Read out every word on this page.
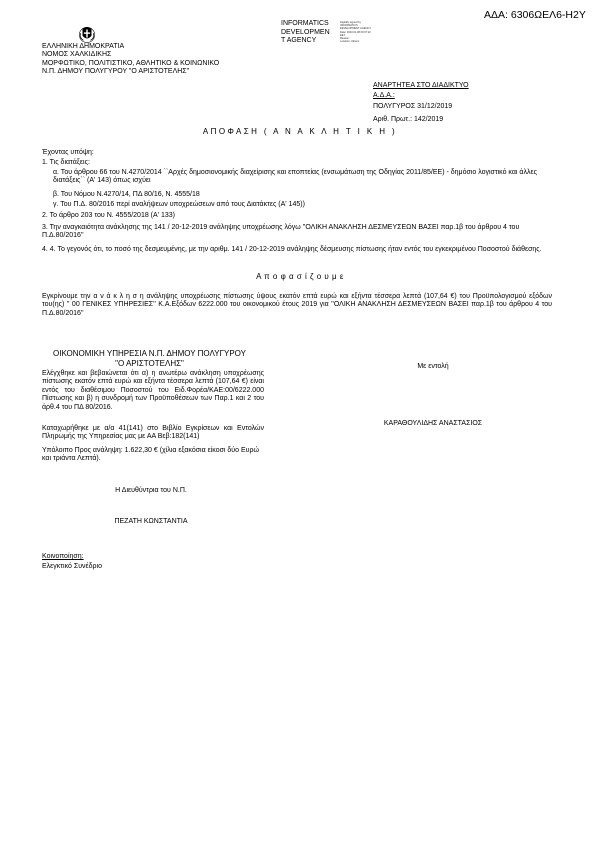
ΑΔΑ: 6306ΩΕΛ6-Η2Υ
INFORMATICS
DEVELOPMEN
T AGENCY
Digitally signed by
INFORMATICS
DEVELOPMENT AGENCY
Date: 2020.01.08 09:37:22
EET
Reason:
Location: Athens
ΕΛΛΗΝΙΚΗ ΔΗΜΟΚΡΑΤΙΑ
ΝΟΜΟΣ ΧΑΛΚΙΔΙΚΗΣ
ΜΟΡΦΩΤΙΚΟ, ΠΟΛΙΤΙΣΤΙΚΟ, ΑΘΛΗΤΙΚΟ & ΚΟΙΝΩΝΙΚΟ
Ν.Π. ΔΗΜΟΥ ΠΟΛΥΓΥΡΟΥ "Ο ΑΡΙΣΤΟΤΕΛΗΣ"
ΑΝΑΡΤΗΤΕΑ ΣΤΟ ΔΙΑΔΙΚΤΥΟ
Α.Δ.Α.:
ΠΟΛΥΓΥΡΟΣ 31/12/2019
Αριθ. Πρωτ.: 142/2019
ΑΠΟΦΑΣΗ ( Α Ν Α Κ Λ Η Τ Ι Κ Η )
Έχοντας υπόψη:
1. Τις διατάξεις:
α. Του άρθρου 66 του Ν.4270/2014 ``Αρχές δημοσιονομικής διαχείρισης και εποπτείας (ενσωμάτωση της Οδηγίας 2011/85/ΕΕ) - δημόσιο λογιστικό και άλλες διατάξεις`` (Α' 143) όπως ισχύει
β. Του Νόμου Ν.4270/14, ΠΔ 80/16, Ν. 4555/18
γ. Του Π.Δ. 80/2016 περί αναλήψεων υποχρεώσεων από τους Διατάκτες (Α' 145))
2. Το άρθρο 203 του Ν. 4555/2018 (Α' 133)
3. Την αναγκαιότητα ανάκλησης της 141 / 20-12-2019 ανάληψης υποχρέωσης λόγω ''ΟΛΙΚΗ ΑΝΑΚΛΗΣΗ ΔΕΣΜΕΥΣΕΩΝ ΒΑΣΕΙ παρ.1β του άρθρου 4 του Π.Δ.80/2016''
4. 4. Το γεγονός ότι, το ποσό της δεσμευμένης, με την αριθμ. 141 / 20-12-2019 ανάληψης δέσμευσης πίστωσης ήταν εντός του εγκεκριμένου Ποσοστού διάθεσης.
Α π ο φ α σ ί ζ ο υ μ ε
Εγκρίνουμε την α ν ά κ λ η σ η ανάληψης υποχρέωσης πίστωσης ύψους εκατόν επτά ευρώ και εξήντα τέσσερα λεπτά (107,64 €) του Προϋπολογισμού εξόδων του(ης) '' 00 ΓΕΝΙΚΕΣ ΥΠΗΡΕΣΙΕΣ'' Κ.Α.Εξόδων 6222.000 του οικονομικού έτους 2019 για ''ΟΛΙΚΗ ΑΝΑΚΛΗΣΗ ΔΕΣΜΕΥΣΕΩΝ ΒΑΣΕΙ παρ.1β του άρθρου 4 του Π.Δ.80/2016''
ΟΙΚΟΝΟΜΙΚΗ ΥΠΗΡΕΣΙΑ Ν.Π. ΔΗΜΟΥ ΠΟΛΥΓΥΡΟΥ
"Ο ΑΡΙΣΤΟΤΕΛΗΣ"
Ελέγχθηκε και βεβαιώνεται ότι α) η ανωτέρω ανάκληση υποχρέωσης πίστωσης εκατόν επτά ευρώ και εξήντα τέσσερα λεπτά (107,64 €) είναι εντός του διαθέσιμου Ποσοστού του Ειδ.Φορέα/ΚΑΕ:00/6222.000 Πίστωσης και β) η συνδρομή των Προϋποθέσεων των Παρ.1 και 2 του άρθ.4 του ΠΔ 80/2016.
Καταχωρήθηκε με α/α 41(141) στο Βιβλίο Εγκρίσεων και Εντολών Πληρωμής της Υπηρεσίας μας με ΑΑ Βεβ:182(141)
Υπόλοιπο Προς ανάληψη: 1.622,30 € (χίλια εξακόσια είκοσι δύο Ευρώ και τριάντα Λεπτά).
Η Διευθύντρια του Ν.Π.
ΠΕΖΑΤΗ ΚΩΝΣΤΑΝΤΙΑ
Με εντολή
ΚΑΡΑΘΟΥΛΙΔΗΣ ΑΝΑΣΤΑΣΙΟΣ
Κοινοποίηση:
Ελεγκτικό Συνέδριο
